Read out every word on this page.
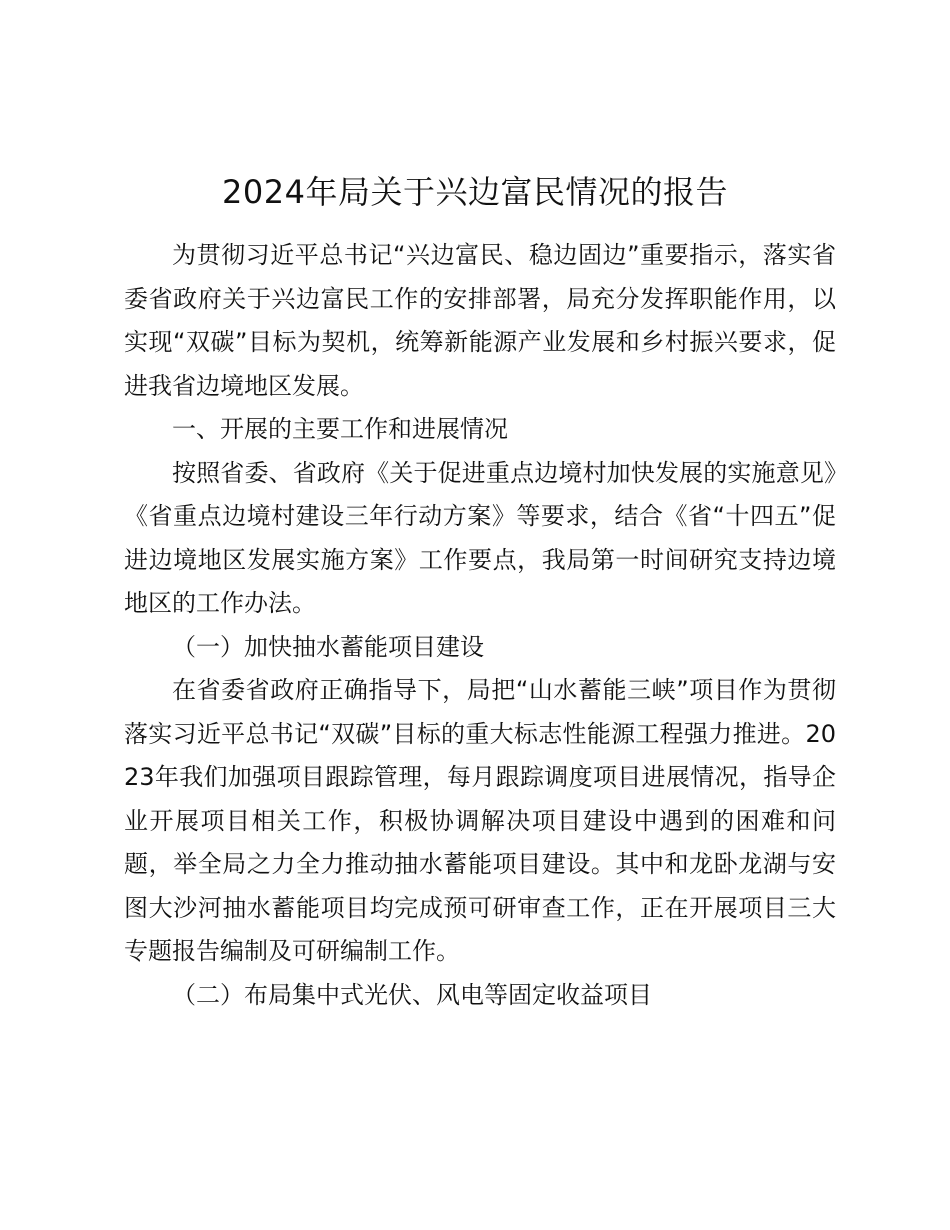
2024年局关于兴边富民情况的报告

为贯彻习近平总书记“兴边富民、稳边固边”重要指示，落实省委省政府关于兴边富民工作的安排部署，局充分发挥职能作用，以实现“双碳”目标为契机，统筹新能源产业发展和乡村振兴要求，促进我省边境地区发展。

一、开展的主要工作和进展情况

按照省委、省政府《关于促进重点边境村加快发展的实施意见》《省重点边境村建设三年行动方案》等要求，结合《省“十四五”促进边境地区发展实施方案》工作要点，我局第一时间研究支持边境地区的工作办法。

（一）加快抽水蓄能项目建设

在省委省政府正确指导下，局把“山水蓄能三峡”项目作为贯彻落实习近平总书记“双碳”目标的重大标志性能源工程强力推进。2023年我们加强项目跟踪管理，每月跟踪调度项目进展情况，指导企业开展项目相关工作，积极协调解决项目建设中遇到的困难和问题，举全局之力全力推动抽水蓄能项目建设。其中和龙卧龙湖与安图大沙河抽水蓄能项目均完成预可研审查工作，正在开展项目三大专题报告编制及可研编制工作。

（二）布局集中式光伏、风电等固定收益项目
